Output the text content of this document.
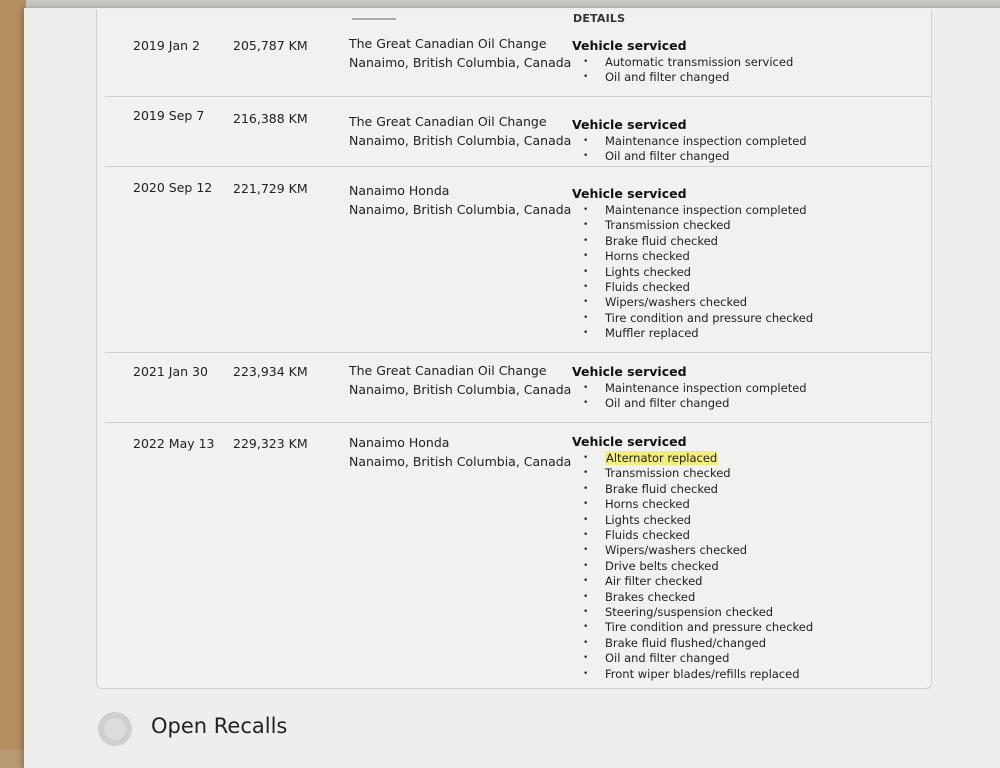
DETAILS
2019 Jan 2	205,787 KM	The Great Canadian Oil Change
Nanaimo, British Columbia, Canada
Vehicle serviced
• Automatic transmission serviced
• Oil and filter changed
2019 Sep 7 216,388 KM	The Great Canadian Oil Change
Nanaimo, British Columbia, Canada
Vehicle serviced
• Maintenance inspection completed
• Oil and filter changed
2020 Sep 12 221,729 KM	Nanaimo Honda
Nanaimo, British Columbia, Canada
Vehicle serviced
• Maintenance inspection completed
• Transmission checked
• Brake fluid checked
• Horns checked
• Lights checked
• Fluids checked
• Wipers/washers checked
• Tire condition and pressure checked
• Muffler replaced
2021 Jan 30 223,934 KM	The Great Canadian Oil Change
Nanaimo, British Columbia, Canada
Vehicle serviced
• Maintenance inspection completed
• Oil and filter changed
2022 May 13 229,323 KM	Nanaimo Honda
Nanaimo, British Columbia, Canada
Vehicle serviced
• Alternator replaced
• Transmission checked
• Brake fluid checked
• Horns checked
• Lights checked
• Fluids checked
• Wipers/washers checked
• Drive belts checked
• Air filter checked
• Brakes checked
• Steering/suspension checked
• Tire condition and pressure checked
• Brake fluid flushed/changed
• Oil and filter changed
• Front wiper blades/refills replaced
Open Recalls
